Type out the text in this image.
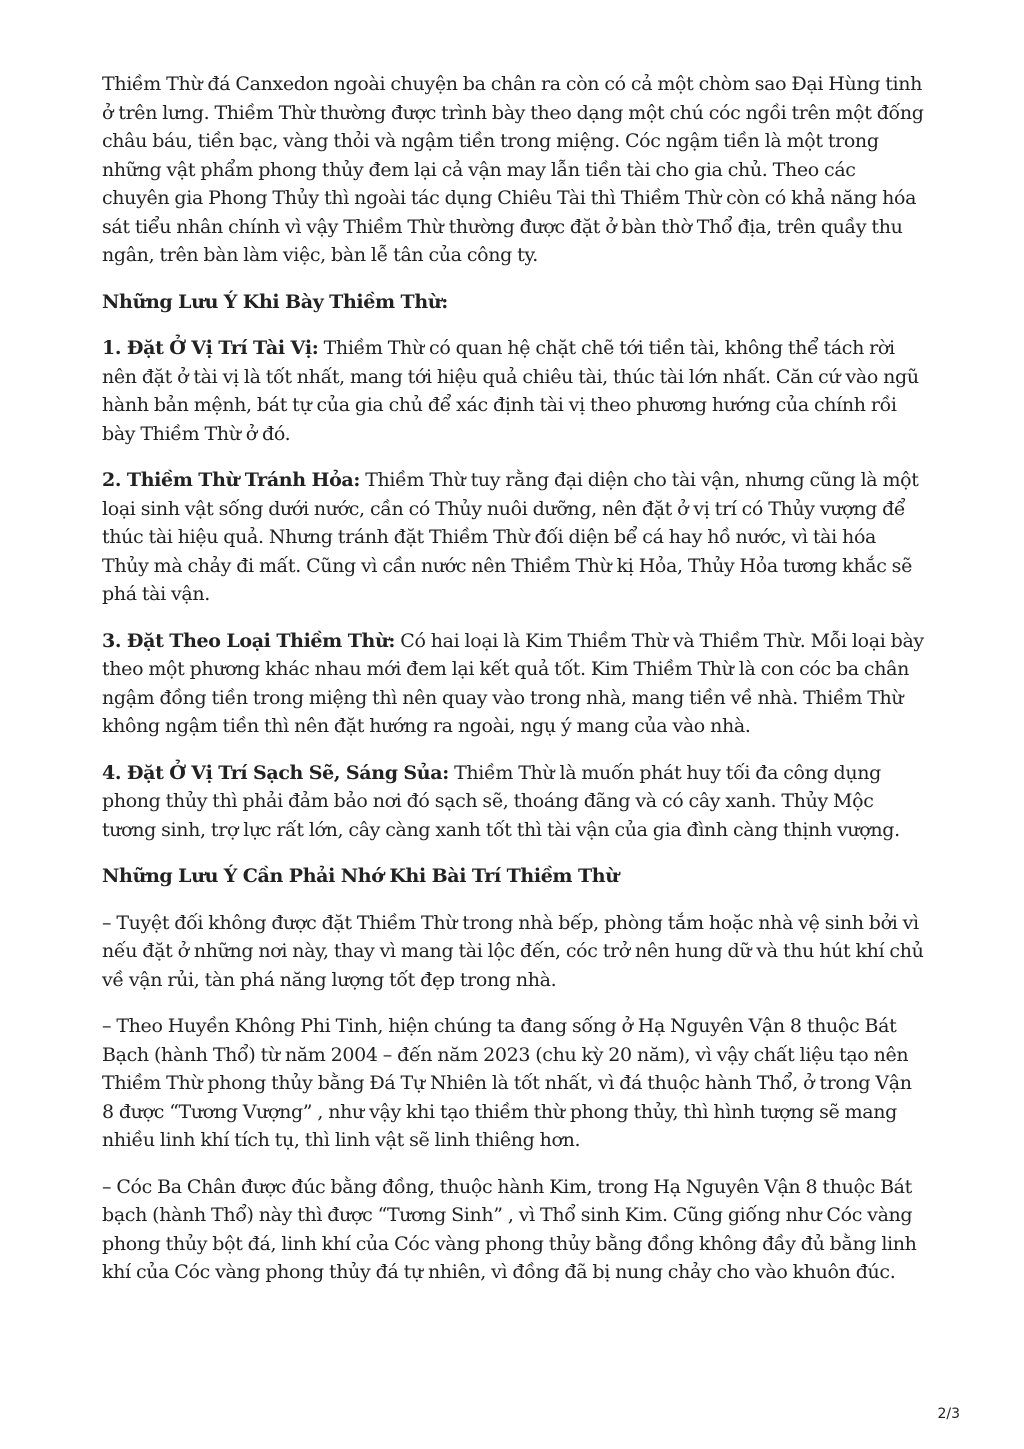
Thiềm Thừ đá Canxedon ngoài chuyện ba chân ra còn có cả một chòm sao Đại Hùng tinh ở trên lưng. Thiềm Thừ thường được trình bày theo dạng một chú cóc ngồi trên một đống châu báu, tiền bạc, vàng thỏi và ngậm tiền trong miệng. Cóc ngậm tiền là một trong những vật phẩm phong thủy đem lại cả vận may lẫn tiền tài cho gia chủ. Theo các chuyên gia Phong Thủy thì ngoài tác dụng Chiêu Tài thì Thiềm Thừ còn có khả năng hóa sát tiểu nhân chính vì vậy Thiềm Thừ thường được đặt ở bàn thờ Thổ địa, trên quầy thu ngân, trên bàn làm việc, bàn lễ tân của công ty.

Những Lưu Ý Khi Bày Thiềm Thừ:

1. Đặt Ở Vị Trí Tài Vị: Thiềm Thừ có quan hệ chặt chẽ tới tiền tài, không thể tách rời nên đặt ở tài vị là tốt nhất, mang tới hiệu quả chiêu tài, thúc tài lớn nhất. Căn cứ vào ngũ hành bản mệnh, bát tự của gia chủ để xác định tài vị theo phương hướng của chính rồi bày Thiềm Thừ ở đó.

2. Thiềm Thừ Tránh Hỏa: Thiềm Thừ tuy rằng đại diện cho tài vận, nhưng cũng là một loại sinh vật sống dưới nước, cần có Thủy nuôi dưỡng, nên đặt ở vị trí có Thủy vượng để thúc tài hiệu quả. Nhưng tránh đặt Thiềm Thừ đối diện bể cá hay hồ nước, vì tài hóa Thủy mà chảy đi mất. Cũng vì cần nước nên Thiềm Thừ kị Hỏa, Thủy Hỏa tương khắc sẽ phá tài vận.

3. Đặt Theo Loại Thiềm Thừ: Có hai loại là Kim Thiềm Thừ và Thiềm Thừ. Mỗi loại bày theo một phương khác nhau mới đem lại kết quả tốt. Kim Thiềm Thừ là con cóc ba chân ngậm đồng tiền trong miệng thì nên quay vào trong nhà, mang tiền về nhà. Thiềm Thừ không ngậm tiền thì nên đặt hướng ra ngoài, ngụ ý mang của vào nhà.

4. Đặt Ở Vị Trí Sạch Sẽ, Sáng Sủa: Thiềm Thừ là muốn phát huy tối đa công dụng phong thủy thì phải đảm bảo nơi đó sạch sẽ, thoáng đãng và có cây xanh. Thủy Mộc tương sinh, trợ lực rất lớn, cây càng xanh tốt thì tài vận của gia đình càng thịnh vượng.

Những Lưu Ý Cần Phải Nhớ Khi Bài Trí Thiềm Thừ

– Tuyệt đối không được đặt Thiềm Thừ trong nhà bếp, phòng tắm hoặc nhà vệ sinh bởi vì nếu đặt ở những nơi này, thay vì mang tài lộc đến, cóc trở nên hung dữ và thu hút khí chủ về vận rủi, tàn phá năng lượng tốt đẹp trong nhà.

– Theo Huyền Không Phi Tinh, hiện chúng ta đang sống ở Hạ Nguyên Vận 8 thuộc Bát Bạch (hành Thổ) từ năm 2004 – đến năm 2023 (chu kỳ 20 năm), vì vậy chất liệu tạo nên Thiềm Thừ phong thủy bằng Đá Tự Nhiên là tốt nhất, vì đá thuộc hành Thổ, ở trong Vận 8 được “Tương Vượng” , như vậy khi tạo thiềm thừ phong thủy, thì hình tượng sẽ mang nhiều linh khí tích tụ, thì linh vật sẽ linh thiêng hơn.

– Cóc Ba Chân được đúc bằng đồng, thuộc hành Kim, trong Hạ Nguyên Vận 8 thuộc Bát bạch (hành Thổ) này thì được “Tương Sinh” , vì Thổ sinh Kim. Cũng giống như Cóc vàng phong thủy bột đá, linh khí của Cóc vàng phong thủy bằng đồng không đầy đủ bằng linh khí của Cóc vàng phong thủy đá tự nhiên, vì đồng đã bị nung chảy cho vào khuôn đúc.

2/3
